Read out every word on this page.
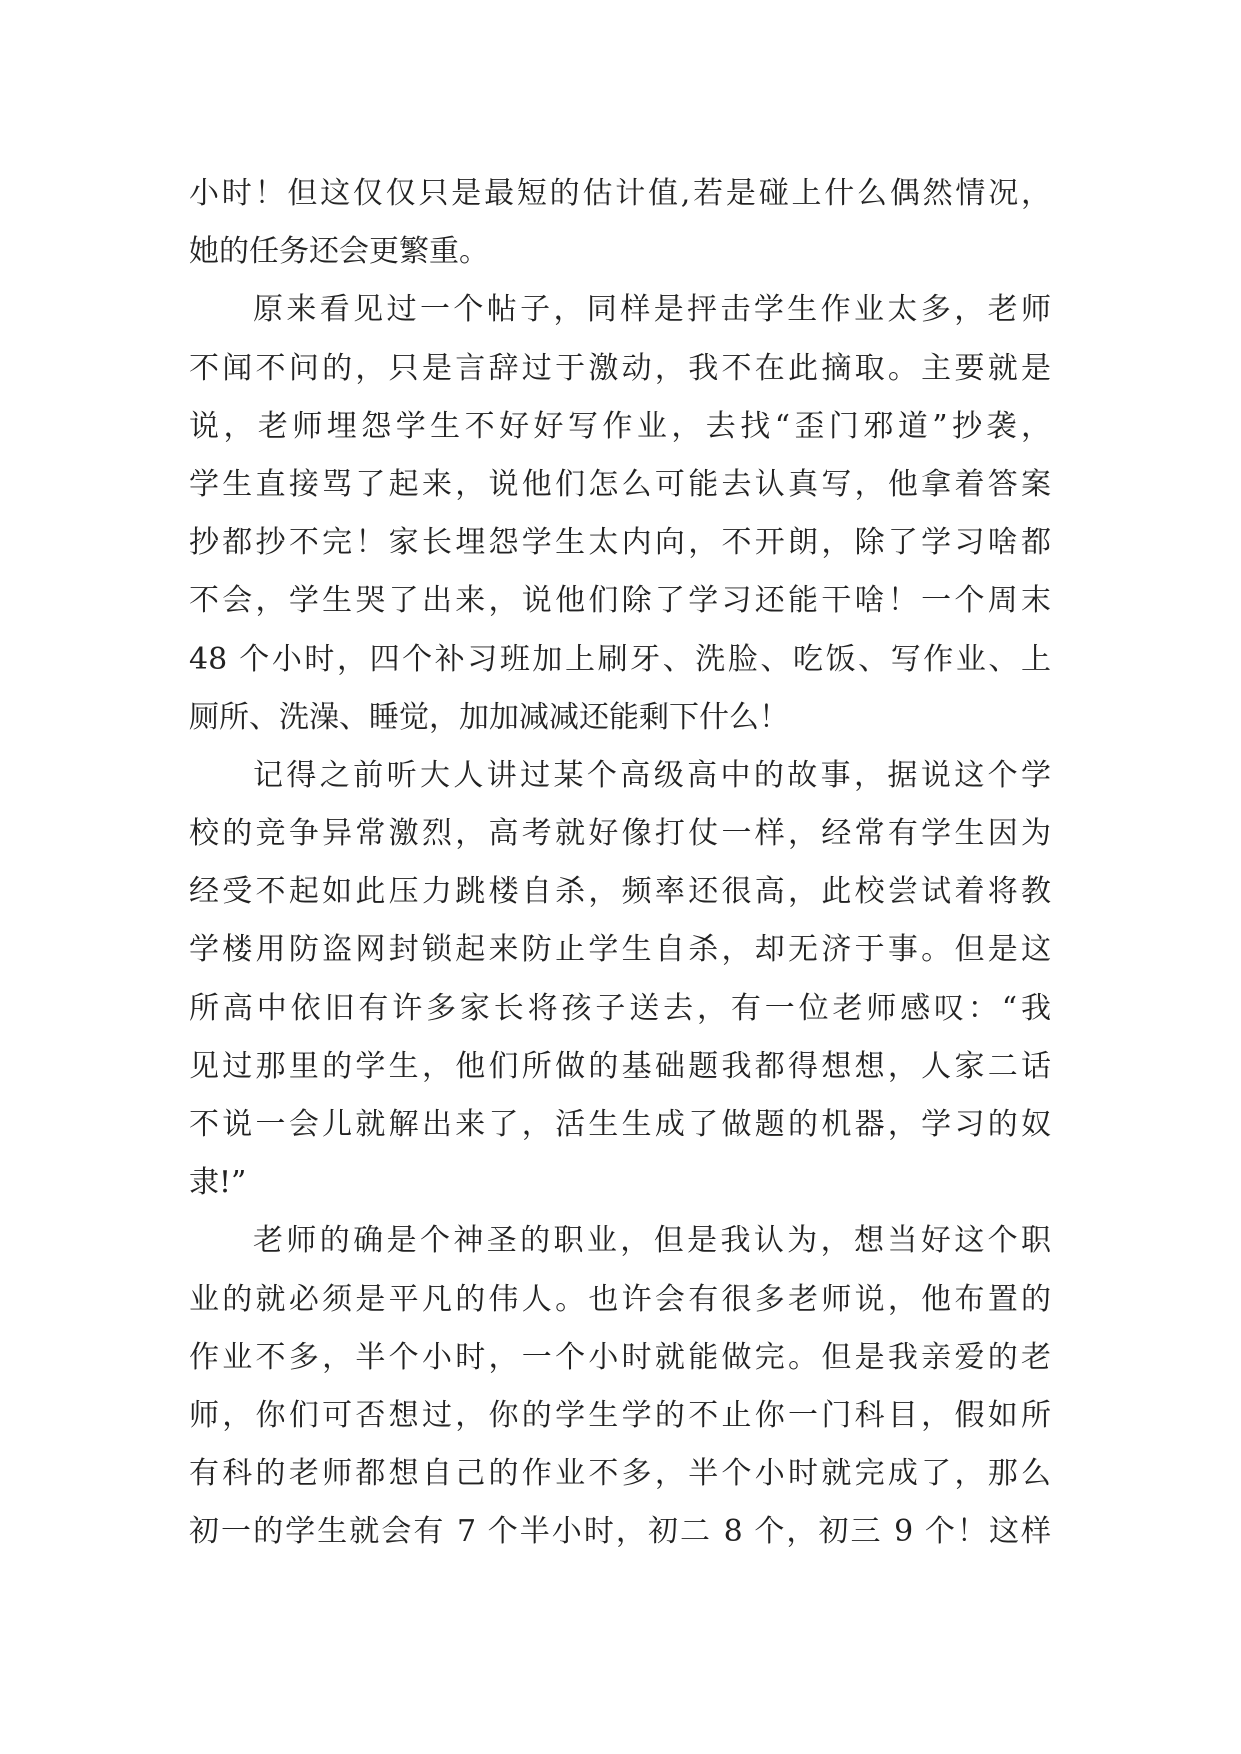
小时！但这仅仅只是最短的估计值,若是碰上什么偶然情况，
她的任务还会更繁重。
原来看见过一个帖子，同样是抨击学生作业太多，老师
不闻不问的，只是言辞过于激动，我不在此摘取。主要就是
说，老师埋怨学生不好好写作业，去找“歪门邪道”抄袭，
学生直接骂了起来，说他们怎么可能去认真写，他拿着答案
抄都抄不完！家长埋怨学生太内向，不开朗，除了学习啥都
不会，学生哭了出来，说他们除了学习还能干啥！一个周末
48 个小时，四个补习班加上刷牙、洗脸、吃饭、写作业、上
厕所、洗澡、睡觉，加加减减还能剩下什么！
记得之前听大人讲过某个高级高中的故事，据说这个学
校的竞争异常激烈，高考就好像打仗一样，经常有学生因为
经受不起如此压力跳楼自杀，频率还很高，此校尝试着将教
学楼用防盗网封锁起来防止学生自杀，却无济于事。但是这
所高中依旧有许多家长将孩子送去，有一位老师感叹：“我
见过那里的学生，他们所做的基础题我都得想想，人家二话
不说一会儿就解出来了，活生生成了做题的机器，学习的奴
隶!”
老师的确是个神圣的职业，但是我认为，想当好这个职
业的就必须是平凡的伟人。也许会有很多老师说，他布置的
作业不多，半个小时，一个小时就能做完。但是我亲爱的老
师，你们可否想过，你的学生学的不止你一门科目，假如所
有科的老师都想自己的作业不多，半个小时就完成了，那么
初一的学生就会有 7 个半小时，初二 8 个，初三 9 个！这样
